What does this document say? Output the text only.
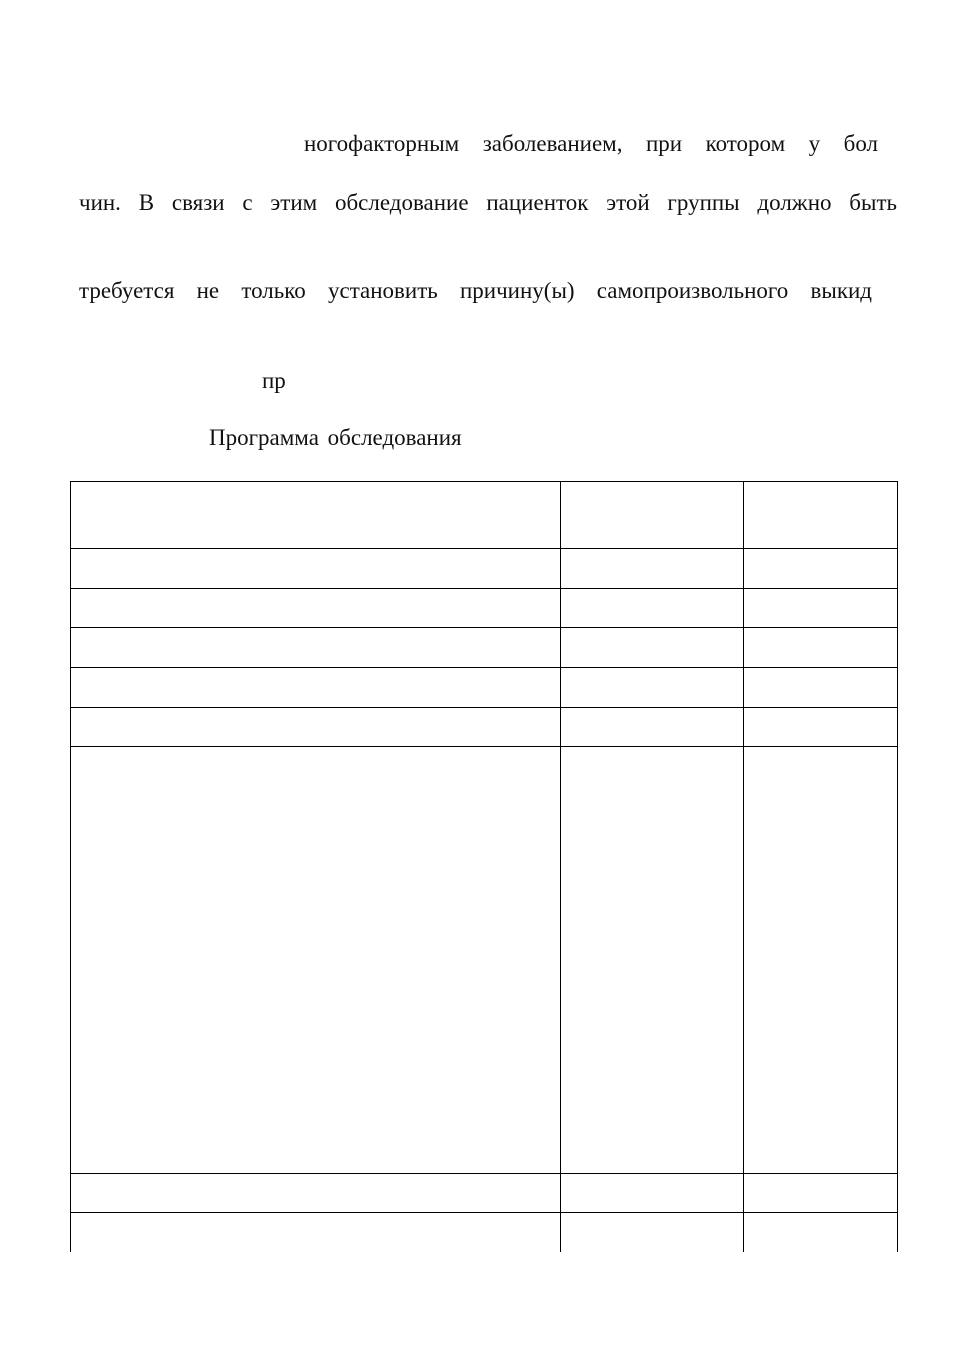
ногофакторным заболеванием, при котором у бол
чин. В связи с этим обследование пациенток этой группы должно быть
требуется не только установить причину(ы) самопроизвольного выкид
пр
Программа обследования
